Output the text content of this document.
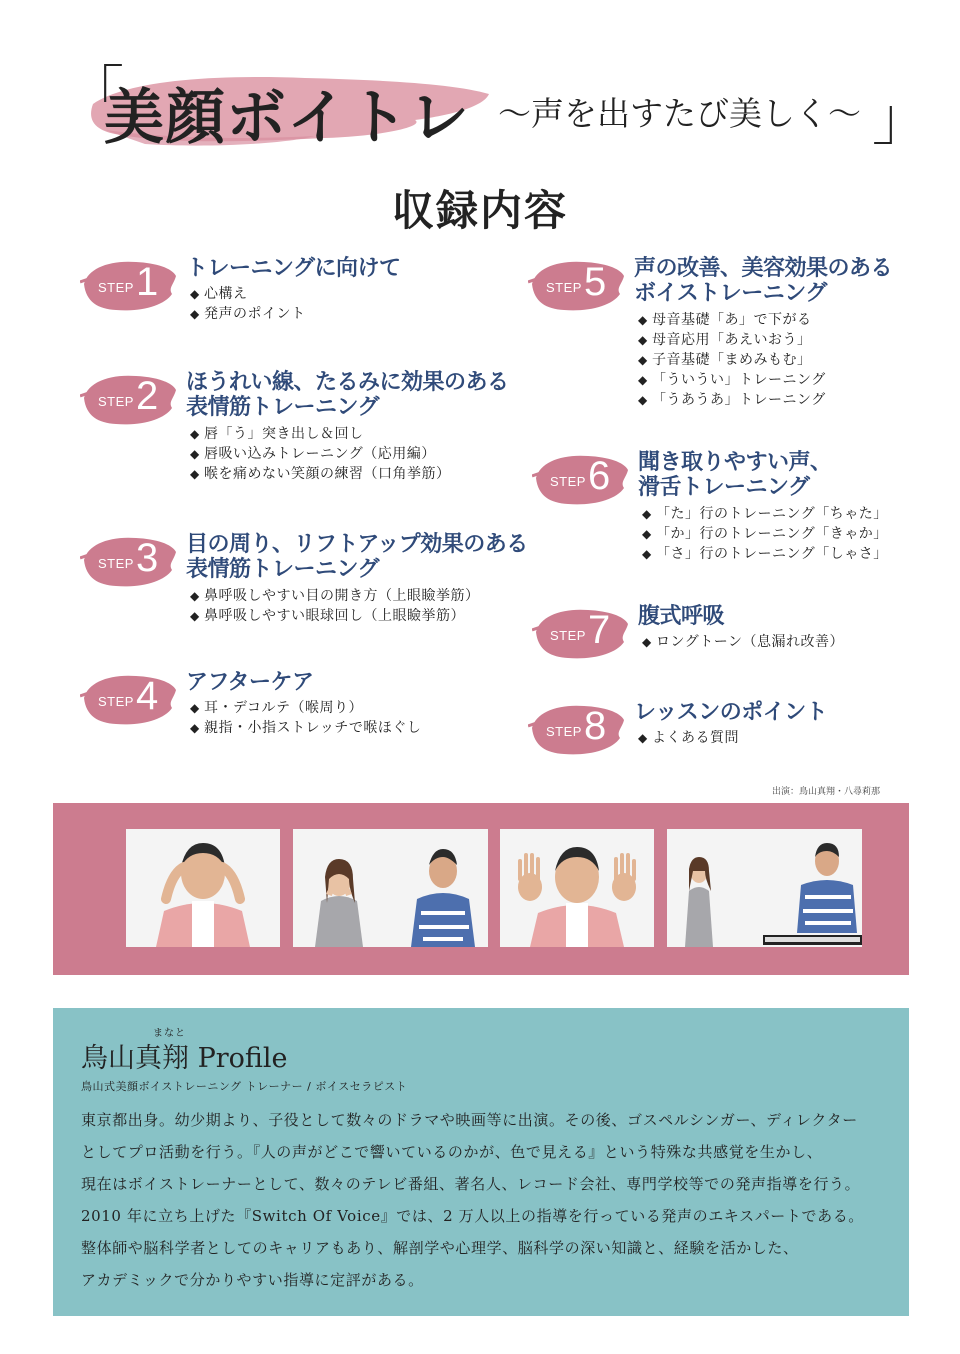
「
美顔ボイトレ ～声を出すたび美しく～ 」
収録内容
STEP 1 トレーニングに向けて
◆ 心構え
◆ 発声のポイント
STEP 2 ほうれい線、たるみに効果のある
表情筋トレーニング
◆ 唇「う」突き出し＆回し
◆ 唇吸い込みトレーニング（応用編）
◆ 喉を痛めない笑顔の練習（口角挙筋）
STEP 3 目の周り、リフトアップ効果のある
表情筋トレーニング
◆ 鼻呼吸しやすい目の開き方（上眼瞼挙筋）
◆ 鼻呼吸しやすい眼球回し（上眼瞼挙筋）
STEP 4 アフターケア
◆ 耳・デコルテ（喉周り）
◆ 親指・小指ストレッチで喉ほぐし
STEP 5 声の改善、美容効果のある
ボイストレーニング
◆ 母音基礎「あ」で下がる
◆ 母音応用「あえいおう」
◆ 子音基礎「まめみもむ」
◆ 「ういうい」トレーニング
◆ 「うあうあ」トレーニング
STEP 6 聞き取りやすい声、
滑舌トレーニング
◆ 「た」行のトレーニング「ちゃた」
◆ 「か」行のトレーニング「きゃか」
◆ 「さ」行のトレーニング「しゃさ」
STEP 7 腹式呼吸
◆ ロングトーン（息漏れ改善）
STEP 8 レッスンのポイント
◆ よくある質問
出演：鳥山真翔・八尋莉那
まなと
鳥山真翔 Profile
鳥山式美顔ボイストレーニング トレーナー / ボイスセラピスト

東京都出身。幼少期より、子役として数々のドラマや映画等に出演。その後、ゴスペルシンガー、ディレクター

としてプロ活動を行う。『人の声がどこで響いているのかが、色で見える』という特殊な共感覚を生かし、

現在はボイストレーナーとして、数々のテレビ番組、著名人、レコード会社、専門学校等での発声指導を行う。

2010 年に立ち上げた『Switch Of Voice』では、2 万人以上の指導を行っている発声のエキスパートである。

整体師や脳科学者としてのキャリアもあり、解剖学や心理学、脳科学の深い知識と、経験を活かした、

アカデミックで分かりやすい指導に定評がある。
